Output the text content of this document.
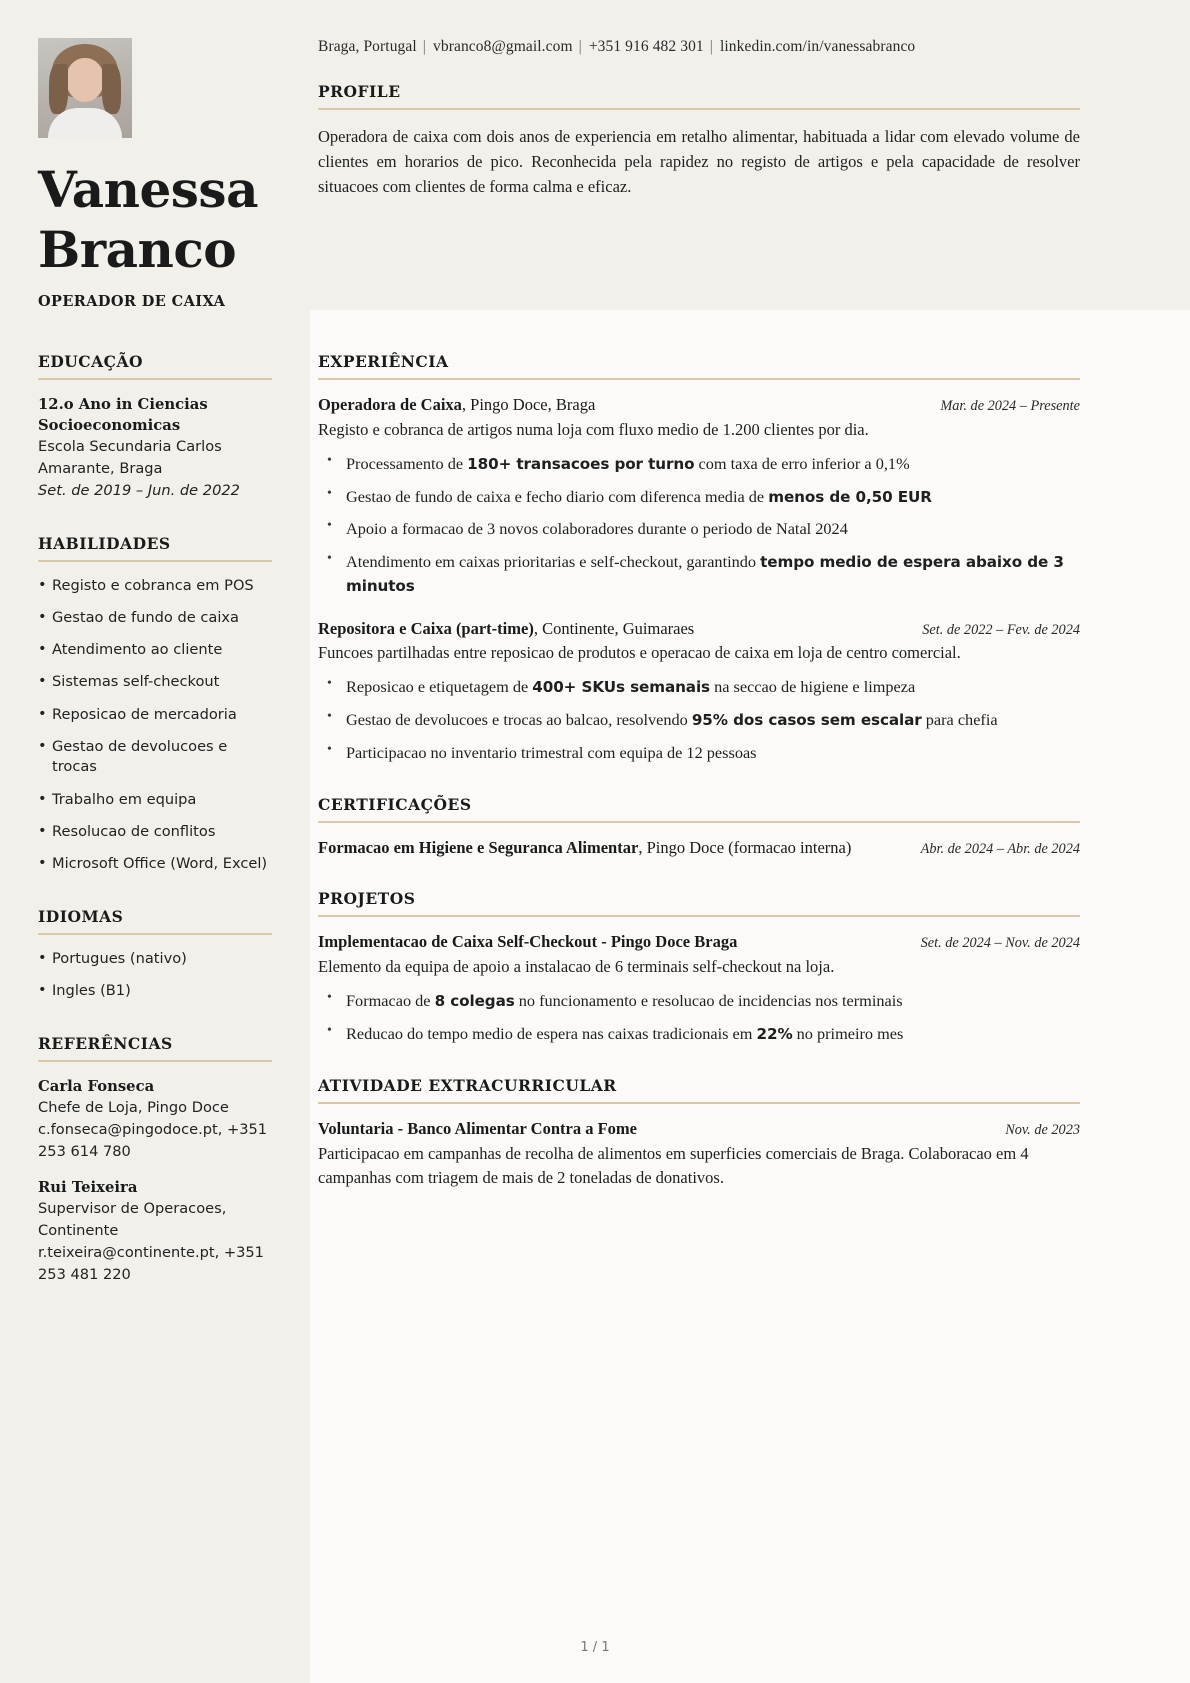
Vanessa
Branco
OPERADOR DE CAIXA
Braga, Portugal | vbranco8@gmail.com | +351 916 482 301 | linkedin.com/in/vanessabranco
PROFILE
Operadora de caixa com dois anos de experiencia em retalho alimentar, habituada a lidar com elevado volume de clientes em horarios de pico. Reconhecida pela rapidez no registo de artigos e pela capacidade de resolver situacoes com clientes de forma calma e eficaz.
EDUCAÇÃO
12.o Ano in Ciencias Socioeconomicas
Escola Secundaria Carlos Amarante, Braga
Set. de 2019 – Jun. de 2022
HABILIDADES
• Registo e cobranca em POS
• Gestao de fundo de caixa
• Atendimento ao cliente
• Sistemas self-checkout
• Reposicao de mercadoria
• Gestao de devolucoes e trocas
• Trabalho em equipa
• Resolucao de conflitos
• Microsoft Office (Word, Excel)
IDIOMAS
• Portugues (nativo)
• Ingles (B1)
REFERÊNCIAS
Carla Fonseca
Chefe de Loja, Pingo Doce
c.fonseca@pingodoce.pt, +351 253 614 780
Rui Teixeira
Supervisor de Operacoes, Continente
r.teixeira@continente.pt, +351 253 481 220
EXPERIÊNCIA
Operadora de Caixa, Pingo Doce, Braga	Mar. de 2024 – Presente
Registo e cobranca de artigos numa loja com fluxo medio de 1.200 clientes por dia.
• Processamento de 180+ transacoes por turno com taxa de erro inferior a 0,1%
• Gestao de fundo de caixa e fecho diario com diferenca media de menos de 0,50 EUR
• Apoio a formacao de 3 novos colaboradores durante o periodo de Natal 2024
• Atendimento em caixas prioritarias e self-checkout, garantindo tempo medio de espera abaixo de 3 minutos
Repositora e Caixa (part-time), Continente, Guimaraes	Set. de 2022 – Fev. de 2024
Funcoes partilhadas entre reposicao de produtos e operacao de caixa em loja de centro comercial.
• Reposicao e etiquetagem de 400+ SKUs semanais na seccao de higiene e limpeza
• Gestao de devolucoes e trocas ao balcao, resolvendo 95% dos casos sem escalar para chefia
• Participacao no inventario trimestral com equipa de 12 pessoas
CERTIFICAÇÕES
Formacao em Higiene e Seguranca Alimentar, Pingo Doce (formacao interna)	Abr. de 2024 – Abr. de 2024
PROJETOS
Implementacao de Caixa Self-Checkout - Pingo Doce Braga	Set. de 2024 – Nov. de 2024
Elemento da equipa de apoio a instalacao de 6 terminais self-checkout na loja.
• Formacao de 8 colegas no funcionamento e resolucao de incidencias nos terminais
• Reducao do tempo medio de espera nas caixas tradicionais em 22% no primeiro mes
ATIVIDADE EXTRACURRICULAR
Voluntaria - Banco Alimentar Contra a Fome	Nov. de 2023
Participacao em campanhas de recolha de alimentos em superficies comerciais de Braga. Colaboracao em 4 campanhas com triagem de mais de 2 toneladas de donativos.
1 / 1
